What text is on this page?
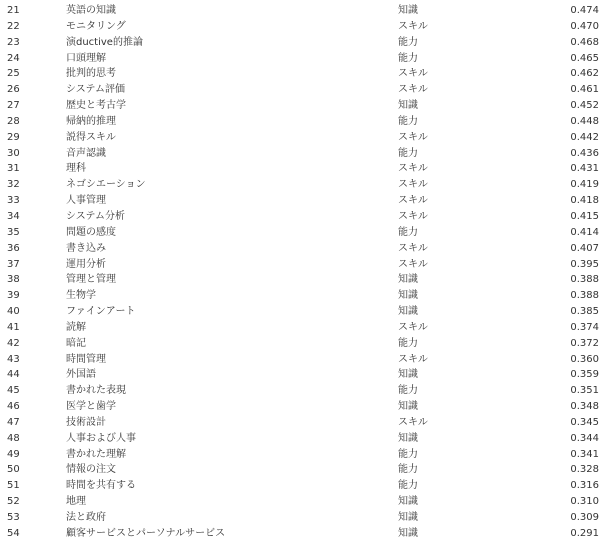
21	英語の知識	知識	0.474
22	モニタリング	スキル	0.470
23	演ductive的推論	能力	0.468
24	口頭理解	能力	0.465
25	批判的思考	スキル	0.462
26	システム評価	スキル	0.461
27	歴史と考古学	知識	0.452
28	帰納的推理	能力	0.448
29	説得スキル	スキル	0.442
30	音声認識	能力	0.436
31	理科	スキル	0.431
32	ネゴシエーション	スキル	0.419
33	人事管理	スキル	0.418
34	システム分析	スキル	0.415
35	問題の感度	能力	0.414
36	書き込み	スキル	0.407
37	運用分析	スキル	0.395
38	管理と管理	知識	0.388
39	生物学	知識	0.388
40	ファインアート	知識	0.385
41	読解	スキル	0.374
42	暗記	能力	0.372
43	時間管理	スキル	0.360
44	外国語	知識	0.359
45	書かれた表現	能力	0.351
46	医学と歯学	知識	0.348
47	技術設計	スキル	0.345
48	人事および人事	知識	0.344
49	書かれた理解	能力	0.341
50	情報の注文	能力	0.328
51	時間を共有する	能力	0.316
52	地理	知識	0.310
53	法と政府	知識	0.309
54	顧客サービスとパーソナルサービス	知識	0.291
